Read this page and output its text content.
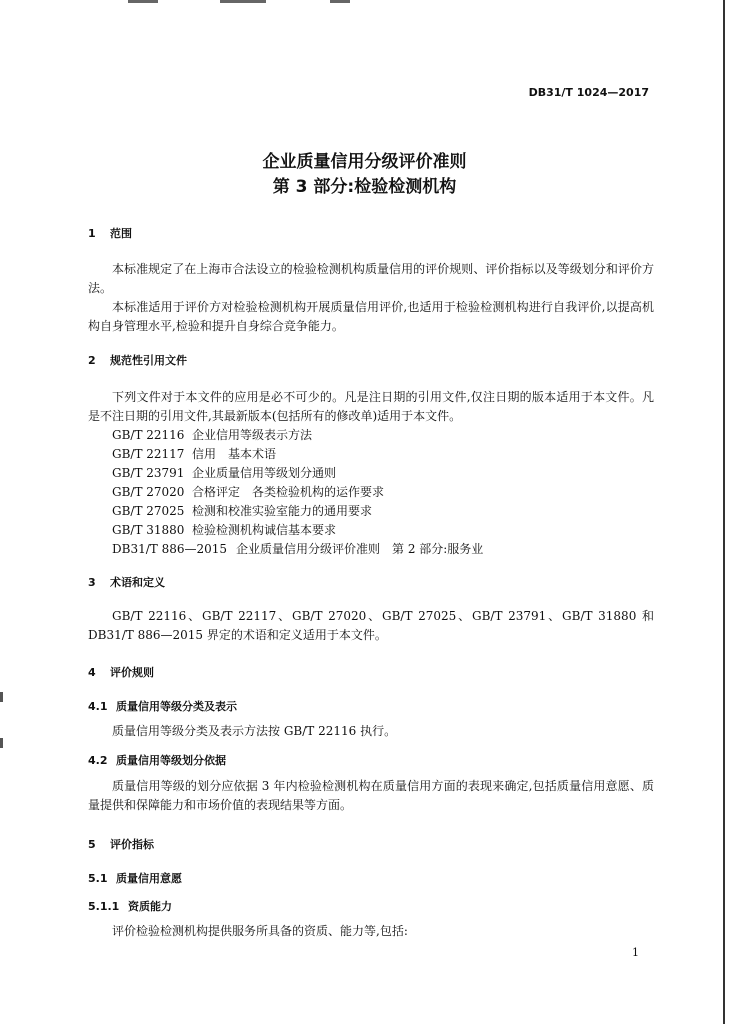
DB31/T 1024—2017
企业质量信用分级评价准则
第 3 部分:检验检测机构
1 范围
本标准规定了在上海市合法设立的检验检测机构质量信用的评价规则、评价指标以及等级划分和评价方法。
本标准适用于评价方对检验检测机构开展质量信用评价,也适用于检验检测机构进行自我评价,以提高机构自身管理水平,检验和提升自身综合竞争能力。
2 规范性引用文件
下列文件对于本文件的应用是必不可少的。凡是注日期的引用文件,仅注日期的版本适用于本文件。凡是不注日期的引用文件,其最新版本(包括所有的修改单)适用于本文件。
GB/T 22116 企业信用等级表示方法
GB/T 22117 信用　基本术语
GB/T 23791 企业质量信用等级划分通则
GB/T 27020 合格评定　各类检验机构的运作要求
GB/T 27025 检测和校准实验室能力的通用要求
GB/T 31880 检验检测机构诚信基本要求
DB31/T 886—2015 企业质量信用分级评价准则　第 2 部分:服务业
3 术语和定义
GB/T 22116、GB/T 22117、GB/T 27020、GB/T 27025、GB/T 23791、GB/T 31880 和 DB31/T 886—2015 界定的术语和定义适用于本文件。
4 评价规则
4.1 质量信用等级分类及表示
质量信用等级分类及表示方法按 GB/T 22116 执行。
4.2 质量信用等级划分依据
质量信用等级的划分应依据 3 年内检验检测机构在质量信用方面的表现来确定,包括质量信用意愿、质量提供和保障能力和市场价值的表现结果等方面。
5 评价指标
5.1 质量信用意愿
5.1.1 资质能力
评价检验检测机构提供服务所具备的资质、能力等,包括:
1
